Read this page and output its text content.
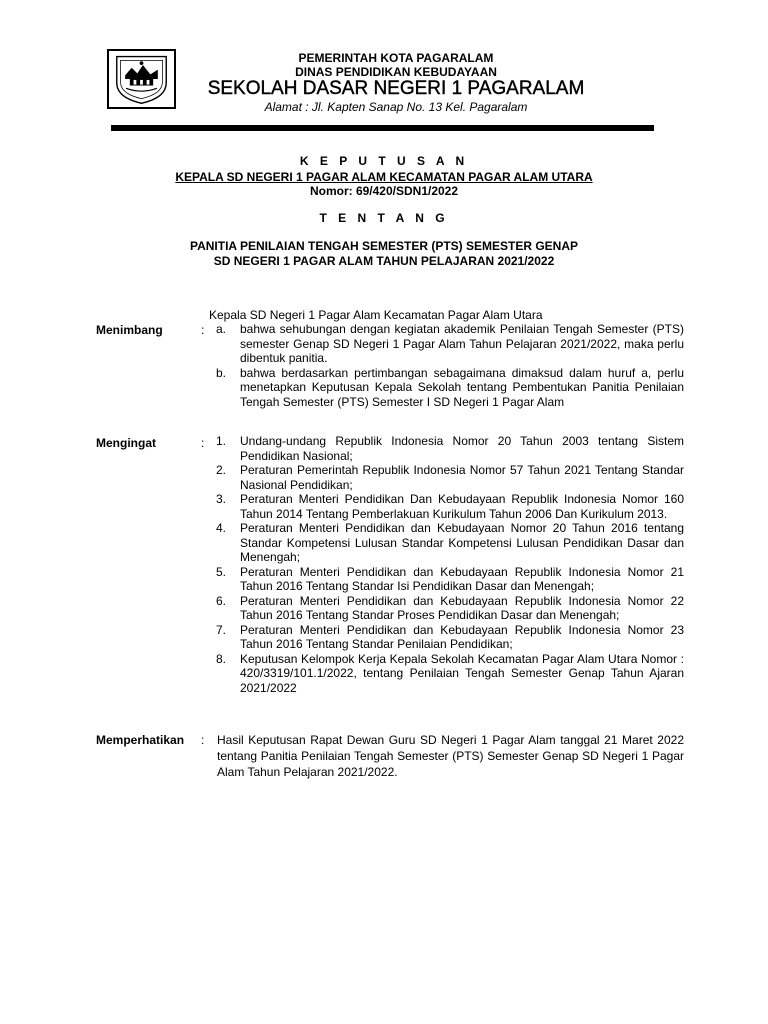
PEMERINTAH KOTA PAGARALAM
DINAS PENDIDIKAN KEBUDAYAAN
SEKOLAH DASAR NEGERI 1 PAGARALAM
Alamat : Jl. Kapten Sanap No. 13 Kel. Pagaralam
K E P U T U S A N
KEPALA SD NEGERI 1 PAGAR ALAM KECAMATAN PAGAR ALAM UTARA
Nomor: 69/420/SDN1/2022
T E N T A N G
PANITIA PENILAIAN TENGAH SEMESTER (PTS) SEMESTER GENAP
SD NEGERI 1 PAGAR ALAM TAHUN PELAJARAN 2021/2022
Kepala SD Negeri 1 Pagar Alam Kecamatan Pagar Alam Utara
Menimbang	: a.	bahwa sehubungan dengan kegiatan akademik Penilaian Tengah Semester (PTS) semester Genap SD Negeri 1 Pagar Alam Tahun Pelajaran 2021/2022, maka perlu dibentuk panitia.
b.	bahwa berdasarkan pertimbangan sebagaimana dimaksud dalam huruf a, perlu menetapkan Keputusan Kepala Sekolah tentang Pembentukan Panitia Penilaian Tengah Semester (PTS) Semester I SD Negeri 1 Pagar Alam
Mengingat	: 1.	Undang-undang Republik Indonesia Nomor 20 Tahun 2003 tentang Sistem Pendidikan Nasional;
2.	Peraturan Pemerintah Republik Indonesia Nomor 57 Tahun 2021 Tentang Standar Nasional Pendidikan;
3.	Peraturan Menteri Pendidikan Dan Kebudayaan Republik Indonesia Nomor 160 Tahun 2014 Tentang Pemberlakuan Kurikulum Tahun 2006 Dan Kurikulum 2013.
4.	Peraturan Menteri Pendidikan dan Kebudayaan Nomor 20 Tahun 2016 tentang Standar Kompetensi Lulusan Standar Kompetensi Lulusan Pendidikan Dasar dan Menengah;
5.	Peraturan Menteri Pendidikan dan Kebudayaan Republik Indonesia Nomor 21 Tahun 2016 Tentang Standar Isi Pendidikan Dasar dan Menengah;
6.	Peraturan Menteri Pendidikan dan Kebudayaan Republik Indonesia Nomor 22 Tahun 2016 Tentang Standar Proses Pendidikan Dasar dan Menengah;
7.	Peraturan Menteri Pendidikan dan Kebudayaan Republik Indonesia Nomor 23 Tahun 2016 Tentang Standar Penilaian Pendidikan;
8.	Keputusan Kelompok Kerja Kepala Sekolah Kecamatan Pagar Alam Utara Nomor : 420/3319/101.1/2022, tentang Penilaian Tengah Semester Genap Tahun Ajaran 2021/2022
Memperhatikan : Hasil Keputusan Rapat Dewan Guru SD Negeri 1 Pagar Alam tanggal 21 Maret 2022 tentang Panitia Penilaian Tengah Semester (PTS) Semester Genap SD Negeri 1 Pagar Alam Tahun Pelajaran 2021/2022.
